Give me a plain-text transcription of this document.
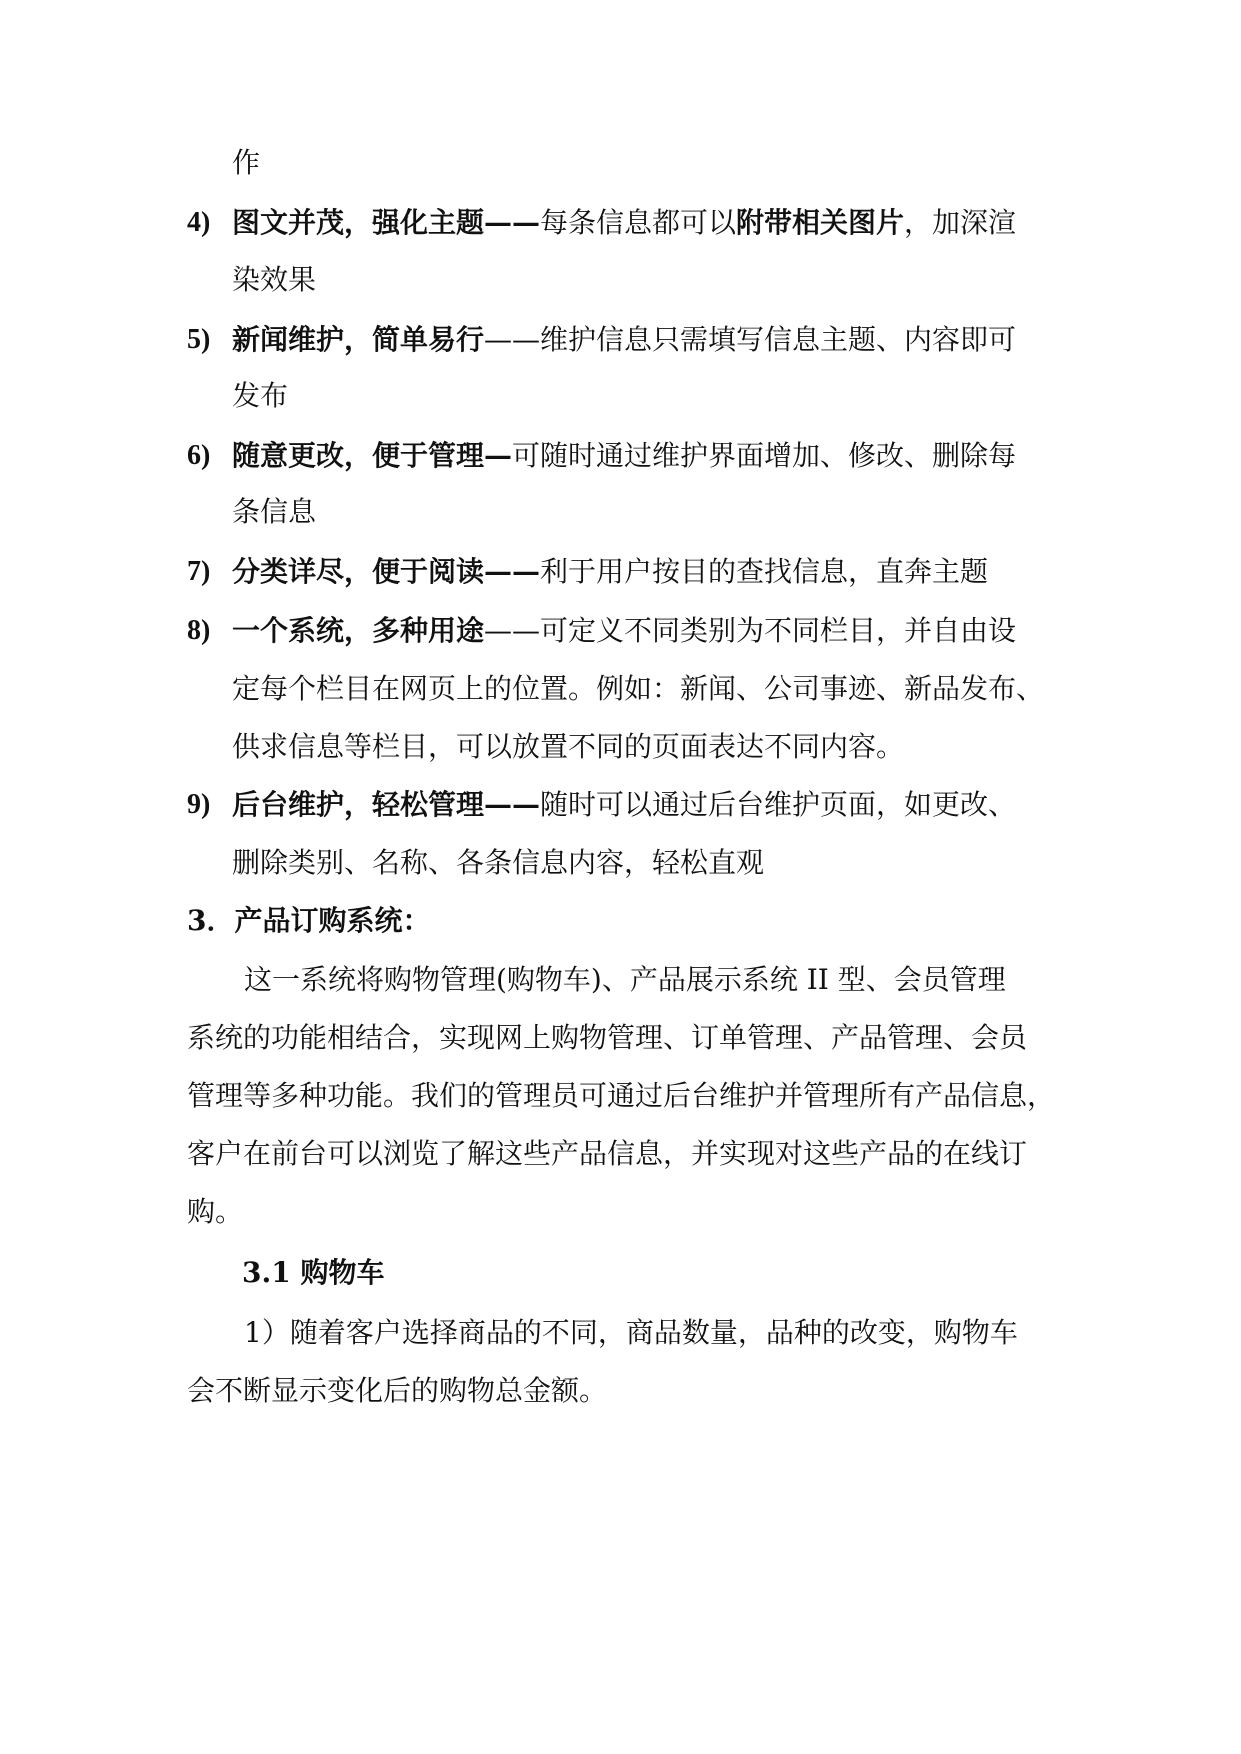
作
4) 图文并茂，强化主题——每条信息都可以附带相关图片，加深渲
染效果
5) 新闻维护，简单易行——维护信息只需填写信息主题、内容即可
发布
6) 随意更改，便于管理—可随时通过维护界面增加、修改、删除每
条信息
7) 分类详尽，便于阅读——利于用户按目的查找信息，直奔主题
8) 一个系统，多种用途——可定义不同类别为不同栏目，并自由设
定每个栏目在网页上的位置。例如：新闻、公司事迹、新品发布、
供求信息等栏目，可以放置不同的页面表达不同内容。
9) 后台维护，轻松管理——随时可以通过后台维护页面，如更改、
删除类别、名称、各条信息内容，轻松直观
3．产品订购系统：
这一系统将购物管理(购物车)、产品展示系统 II 型、会员管理
系统的功能相结合，实现网上购物管理、订单管理、产品管理、会员
管理等多种功能。我们的管理员可通过后台维护并管理所有产品信息，
客户在前台可以浏览了解这些产品信息，并实现对这些产品的在线订
购。
3.1 购物车
1）随着客户选择商品的不同，商品数量，品种的改变，购物车
会不断显示变化后的购物总金额。
